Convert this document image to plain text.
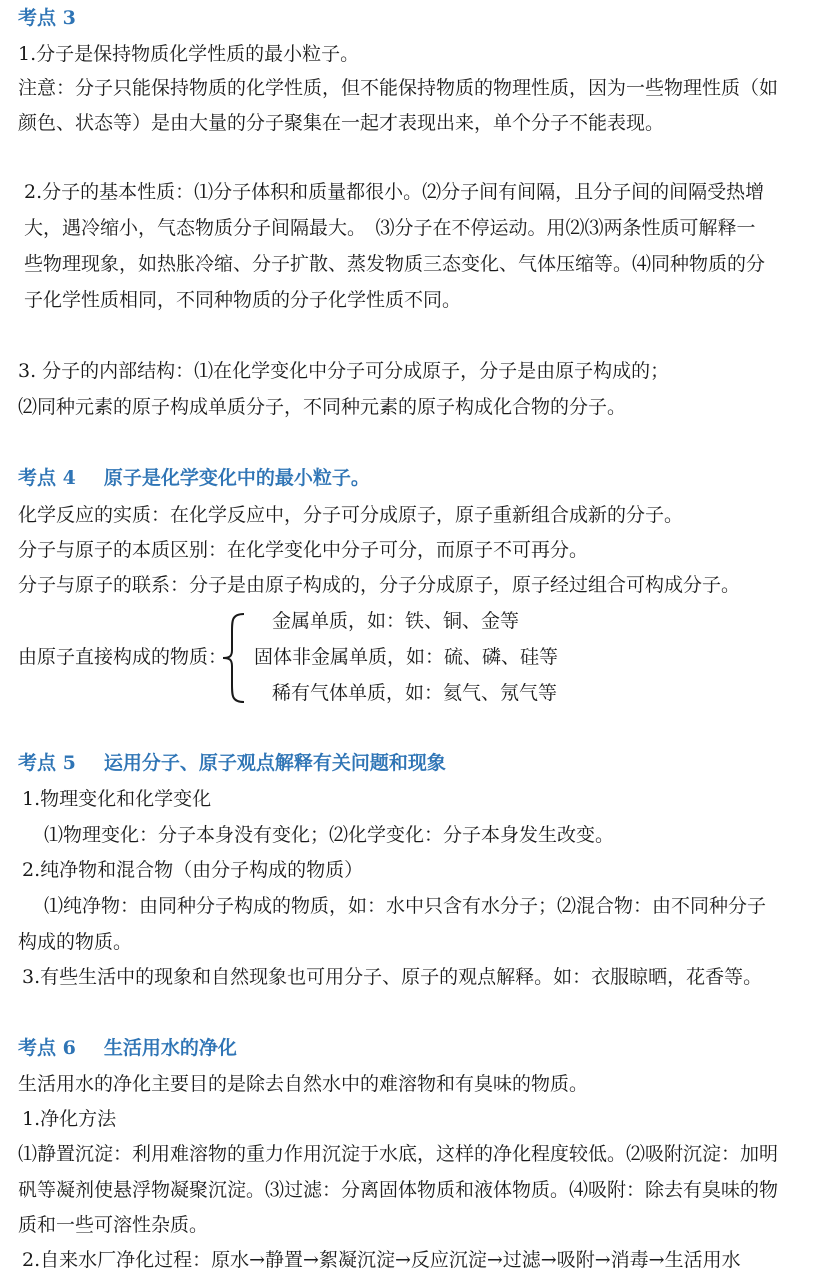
考点 3
1.分子是保持物质化学性质的最小粒子。
注意：分子只能保持物质的化学性质，但不能保持物质的物理性质，因为一些物理性质（如
颜色、状态等）是由大量的分子聚集在一起才表现出来，单个分子不能表现。
2.分子的基本性质：⑴分子体积和质量都很小。⑵分子间有间隔，且分子间的间隔受热增
大，遇冷缩小，气态物质分子间隔最大。　⑶分子在不停运动。用⑵⑶两条性质可解释一
些物理现象，如热胀冷缩、分子扩散、蒸发物质三态变化、气体压缩等。⑷同种物质的分
子化学性质相同，不同种物质的分子化学性质不同。
3. 分子的内部结构：⑴在化学变化中分子可分成原子，分子是由原子构成的；
⑵同种元素的原子构成单质分子，不同种元素的原子构成化合物的分子。
考点 4 原子是化学变化中的最小粒子。
化学反应的实质：在化学反应中，分子可分成原子，原子重新组合成新的分子。
分子与原子的本质区别：在化学变化中分子可分，而原子不可再分。
分子与原子的联系：分子是由原子构成的，分子分成原子，原子经过组合可构成分子。
由原子直接构成的物质：
金属单质，如：铁、铜、金等
固体非金属单质，如：硫、磷、硅等
稀有气体单质，如：氦气、氖气等
考点 5 运用分子、原子观点解释有关问题和现象
1.物理变化和化学变化
⑴物理变化：分子本身没有变化；⑵化学变化：分子本身发生改变。
2.纯净物和混合物（由分子构成的物质）
⑴纯净物：由同种分子构成的物质，如：水中只含有水分子；⑵混合物：由不同种分子
构成的物质。
3.有些生活中的现象和自然现象也可用分子、原子的观点解释。如：衣服晾晒，花香等。
考点 6 生活用水的净化
生活用水的净化主要目的是除去自然水中的难溶物和有臭味的物质。
1.净化方法
⑴静置沉淀：利用难溶物的重力作用沉淀于水底，这样的净化程度较低。⑵吸附沉淀：加明
矾等凝剂使悬浮物凝聚沉淀。⑶过滤：分离固体物质和液体物质。⑷吸附：除去有臭味的物
质和一些可溶性杂质。
2.自来水厂净化过程：原水→静置→絮凝沉淀→反应沉淀→过滤→吸附→消毒→生活用水
